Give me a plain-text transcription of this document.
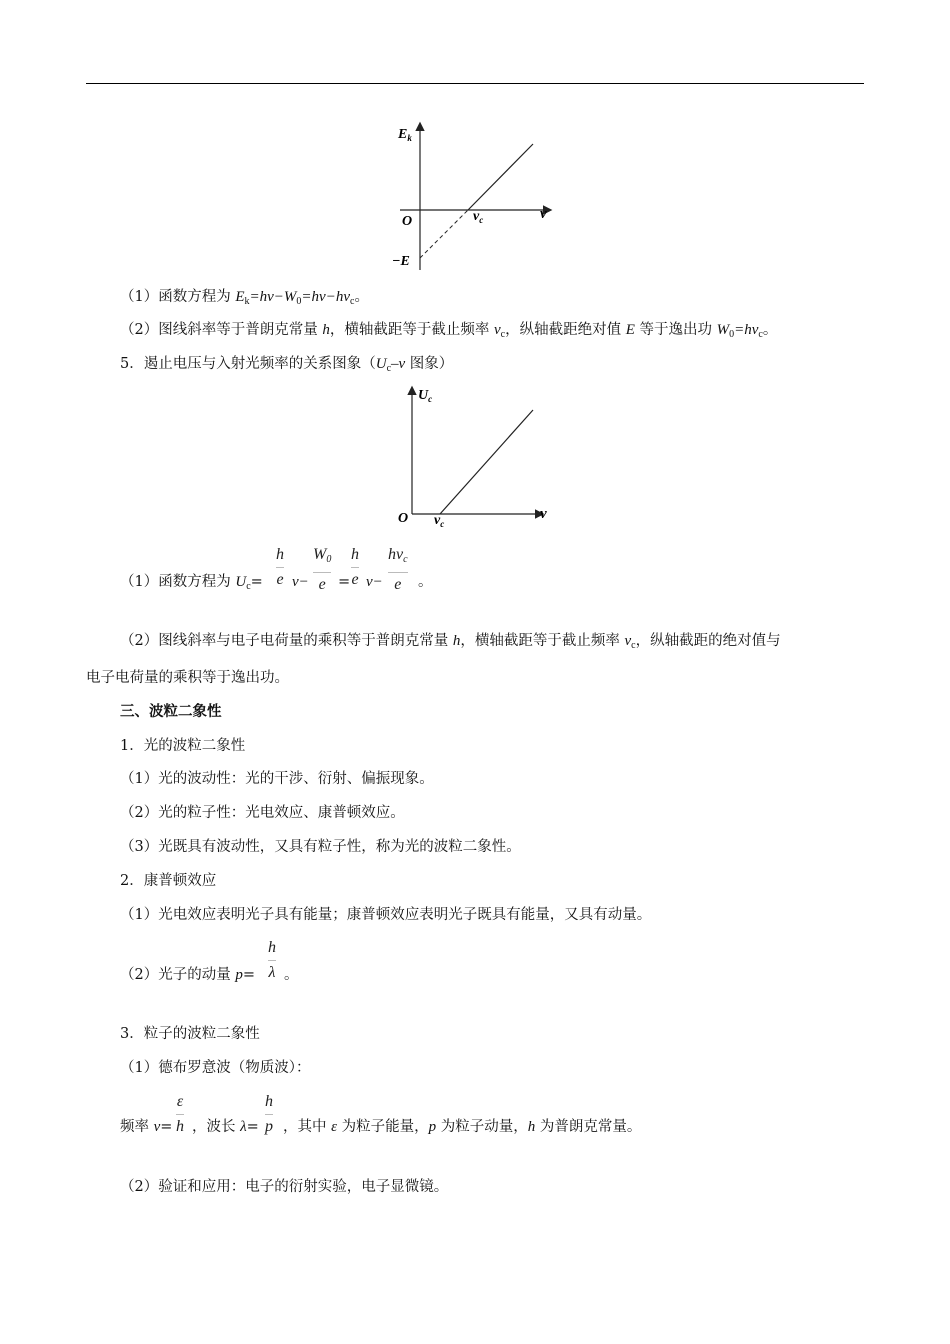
$E_k$
O	ν
$\nu_c$
−E
（1）函数方程为 $E_k=h\nu-W_0=h\nu-h\nu_c$。
（2）图线斜率等于普朗克常量 h，横轴截距等于截止频率 $\nu_c$，纵轴截距绝对值 E 等于逸出功 $W_0=h\nu_c$。
5．遏止电压与入射光频率的关系图象（$U_c-\nu$ 图象）
$U_c$
O	ν
$\nu_c$
（1）函数方程为 $U_c=$
h
e ν−
$W_0$
e =
h
e ν−
$h\nu_c$
e	。
（2）图线斜率与电子电荷量的乘积等于普朗克常量 h，横轴截距等于截止频率 $\nu_c$，纵轴截距的绝对值与
电子电荷量的乘积等于逸出功。
三、波粒二象性
1．光的波粒二象性
（1）光的波动性：光的干涉、衍射、偏振现象。
（2）光的粒子性：光电效应、康普顿效应。
（3）光既具有波动性，又具有粒子性，称为光的波粒二象性。
2．康普顿效应
（1）光电效应表明光子具有能量；康普顿效应表明光子既具有能量，又具有动量。
（2）光子的动量 p=
h
λ 。
3．粒子的波粒二象性
（1）德布罗意波（物质波）：
频率 ν=
ε
h ，波长 λ=
h
p ，其中 ε 为粒子能量，p 为粒子动量，h 为普朗克常量。
（2）验证和应用：电子的衍射实验，电子显微镜。
